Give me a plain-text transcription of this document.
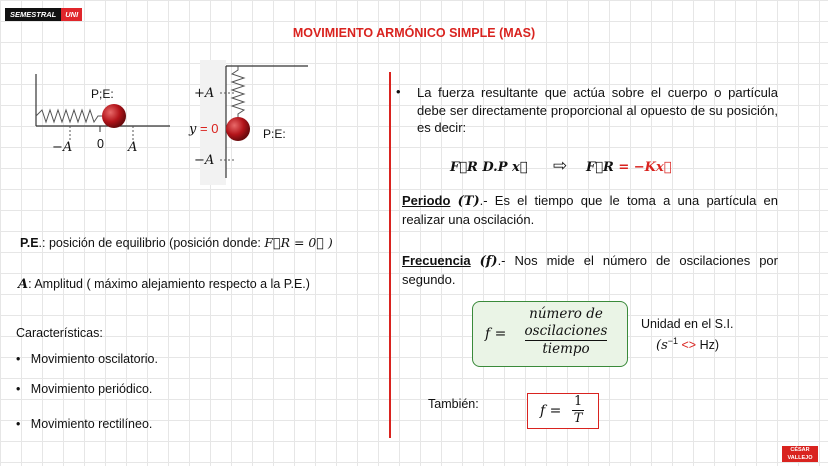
SEMESTRAL	UNI
MOVIMIENTO ARMÓNICO SIMPLE (MAS)
P;E:
−A 0 A
+A
y = 0
−A
P:E:
P.E.: posición de equilibrio (posición donde: F⃗R = 0⃗ )
A: Amplitud ( máximo alejamiento respecto a la P.E.)
Características:
•   Movimiento oscilatorio.
•   Movimiento periódico.
•   Movimiento rectilíneo.
• La fuerza resultante que actúa sobre el cuerpo o partícula debe ser directamente proporcional al opuesto de su posición, es decir:
F⃗R D.P x⃗ ⇨ F⃗R = −Kx⃗
Periodo (T).- Es el tiempo que le toma a una partícula en realizar una oscilación.
Frecuencia (f).- Nos mide el número de oscilaciones por segundo.
f =
número de
oscilaciones
tiempo
Unidad en el S.I.
$(s^{-1} <> Hz)$
También:	$f = \frac{1}{T}$
CÉSAR
VALLEJO
